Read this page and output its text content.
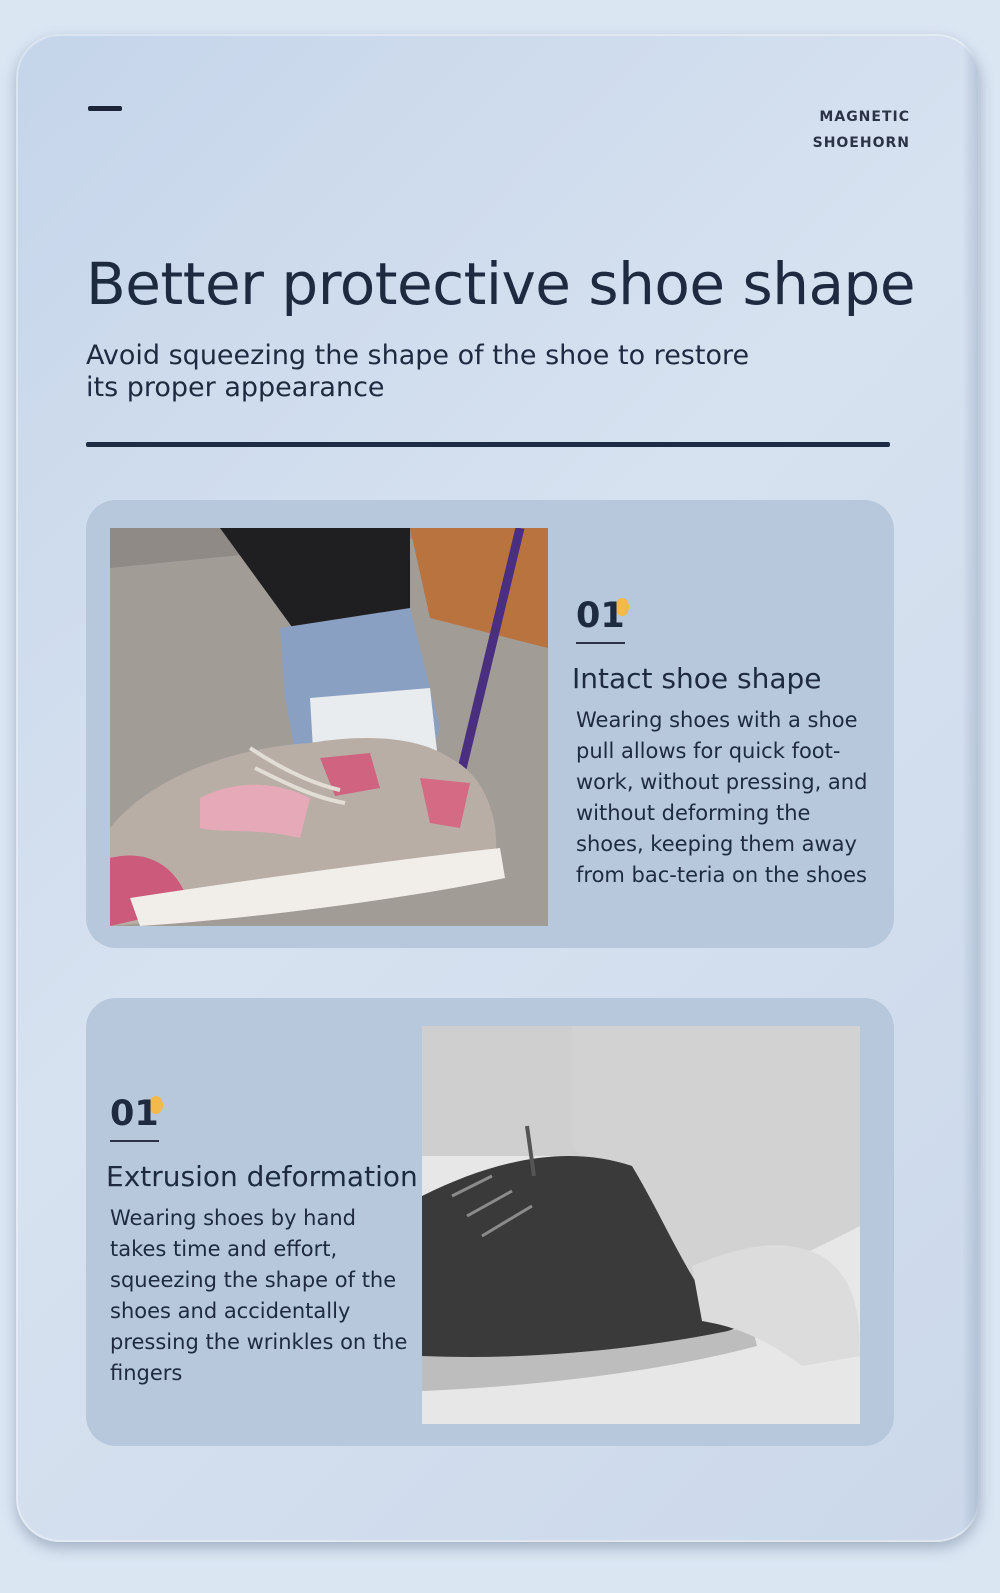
MAGNETIC
SHOEHORN
Better protective shoe shape

Avoid squeezing the shape of the shoe to restore its proper appearance

01
Intact shoe shape

Wearing shoes with a shoe pull allows for quick foot-work, without pressing, and without deforming the shoes, keeping them away from bac-teria on the shoes

01
Extrusion deformation

Wearing shoes by hand takes time and effort, squeezing the shape of the shoes and accidentally pressing the wrinkles on the fingers
